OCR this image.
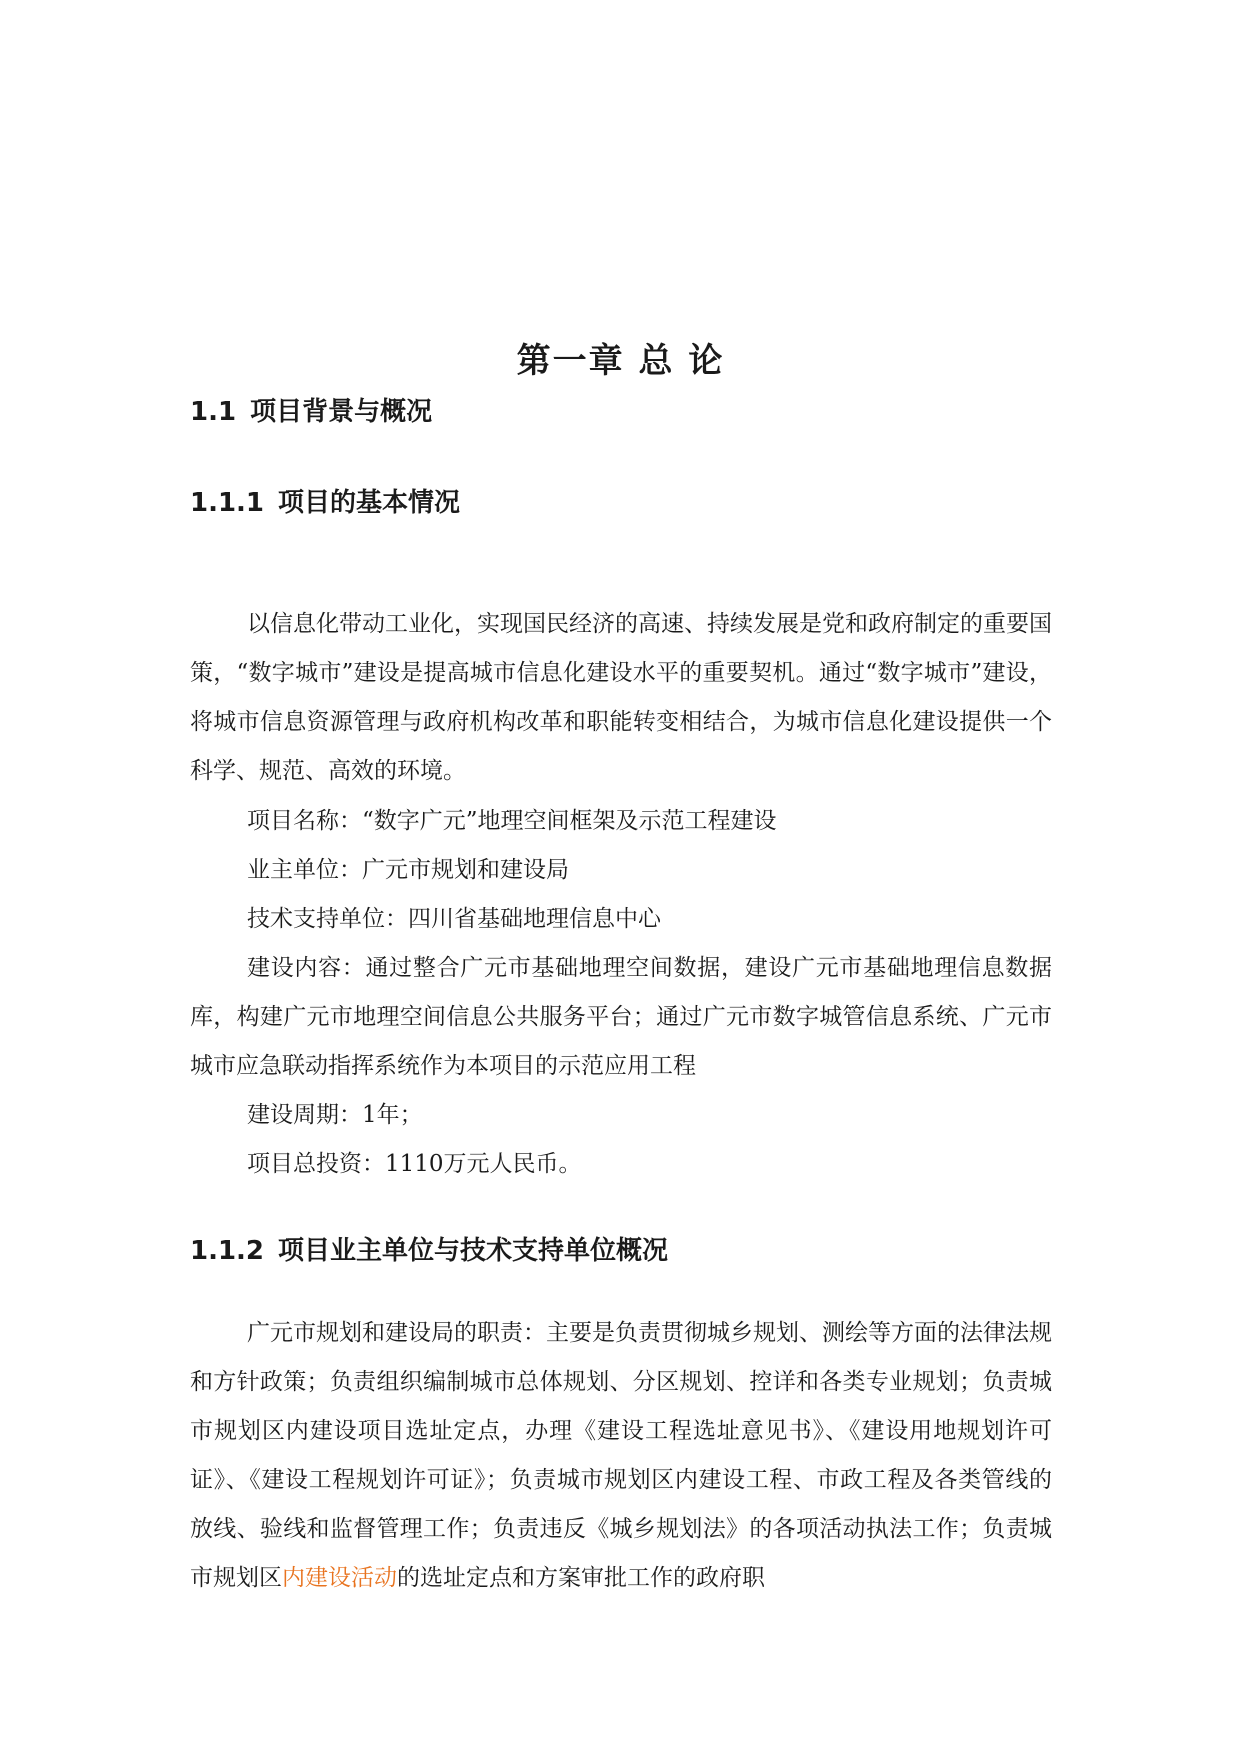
第一章 总 论
1.1 项目背景与概况
1.1.1 项目的基本情况

以信息化带动工业化，实现国民经济的高速、持续发展是党和政府制定的重要国策，“数字城市”建设是提高城市信息化建设水平的重要契机。通过“数字城市”建设，将城市信息资源管理与政府机构改革和职能转变相结合，为城市信息化建设提供一个科学、规范、高效的环境。

项目名称：“数字广元”地理空间框架及示范工程建设

业主单位：广元市规划和建设局

技术支持单位：四川省基础地理信息中心

建设内容：通过整合广元市基础地理空间数据，建设广元市基础地理信息数据库，构建广元市地理空间信息公共服务平台；通过广元市数字城管信息系统、广元市城市应急联动指挥系统作为本项目的示范应用工程

建设周期：1年；

项目总投资：1110万元人民币。

1.1.2 项目业主单位与技术支持单位概况

广元市规划和建设局的职责：主要是负责贯彻城乡规划、测绘等方面的法律法规和方针政策；负责组织编制城市总体规划、分区规划、控详和各类专业规划；负责城市规划区内建设项目选址定点，办理《建设工程选址意见书》、《建设用地规划许可证》、《建设工程规划许可证》；负责城市规划区内建设工程、市政工程及各类管线的放线、验线和监督管理工作；负责违反《城乡规划法》的各项活动执法工作；负责城市规划区内建设活动的选址定点和方案审批工作的政府职
